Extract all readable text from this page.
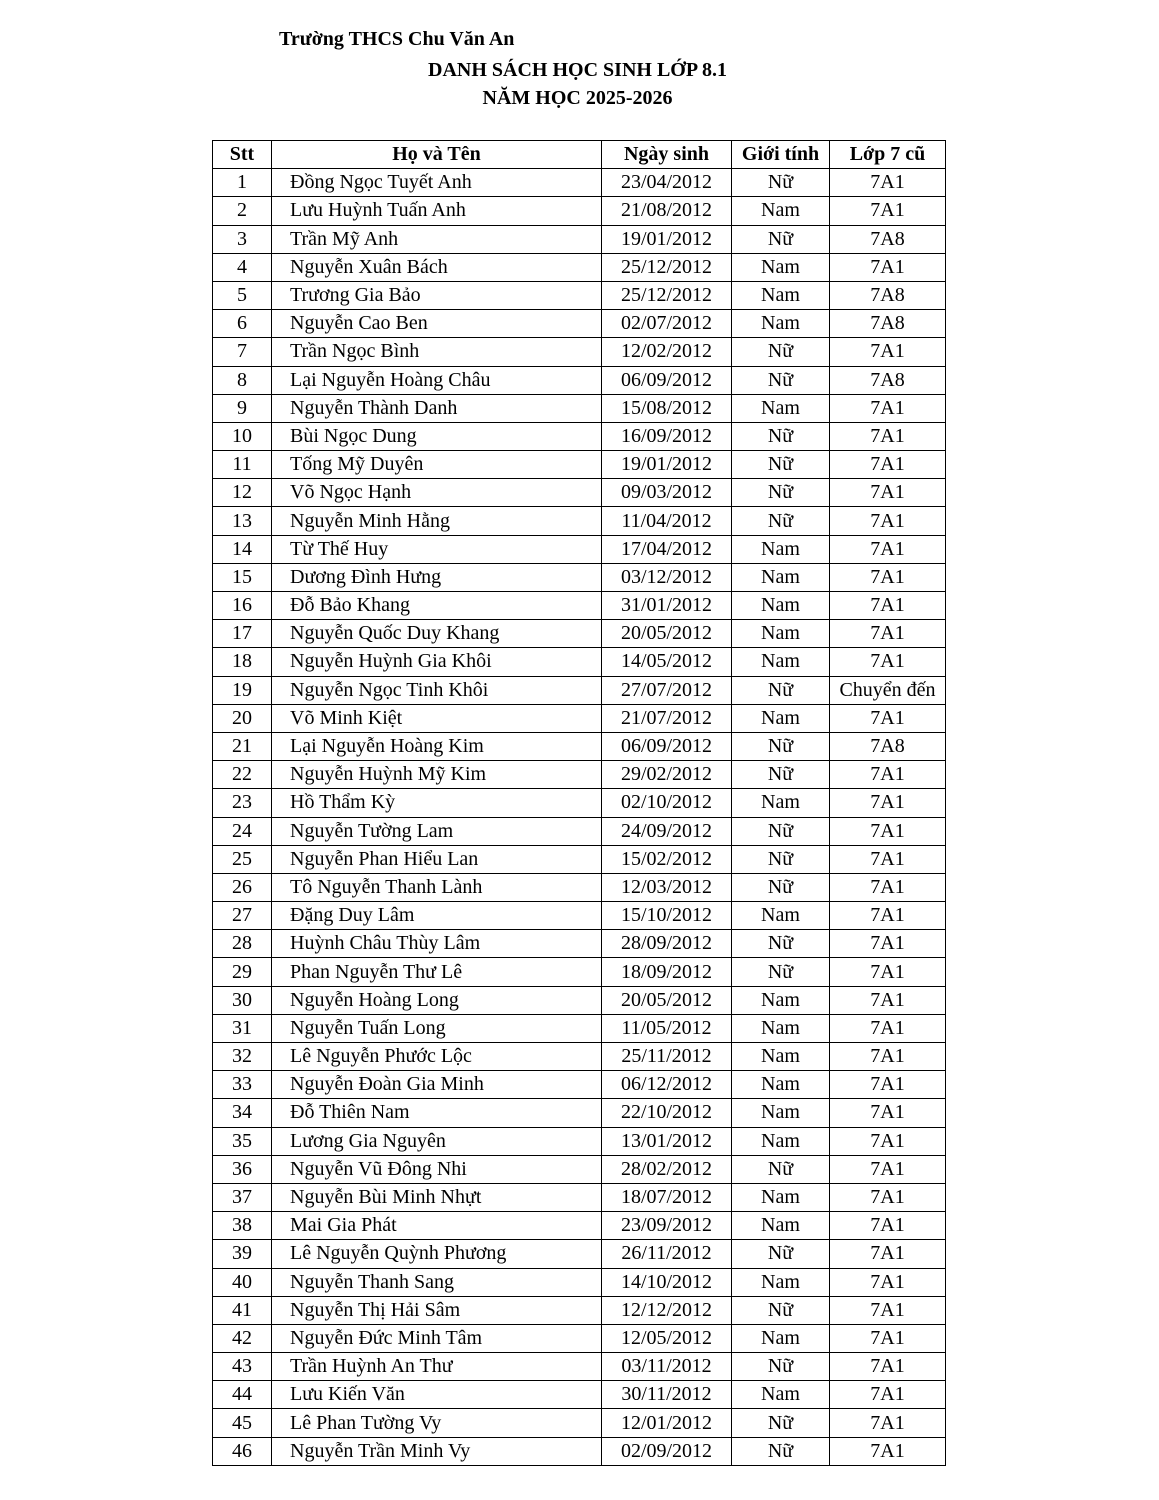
Trường THCS Chu Văn An
DANH SÁCH HỌC SINH LỚP 8.1
NĂM HỌC 2025-2026
Stt	Họ và Tên	Ngày sinh	Giới tính	Lớp 7 cũ
1	Đồng Ngọc Tuyết Anh	23/04/2012	Nữ	7A1
2	Lưu Huỳnh Tuấn Anh	21/08/2012	Nam	7A1
3	Trần Mỹ Anh	19/01/2012	Nữ	7A8
4	Nguyễn Xuân Bách	25/12/2012	Nam	7A1
5	Trương Gia Bảo	25/12/2012	Nam	7A8
6	Nguyễn Cao Ben	02/07/2012	Nam	7A8
7	Trần Ngọc Bình	12/02/2012	Nữ	7A1
8	Lại Nguyễn Hoàng Châu	06/09/2012	Nữ	7A8
9	Nguyễn Thành Danh	15/08/2012	Nam	7A1
10	Bùi Ngọc Dung	16/09/2012	Nữ	7A1
11	Tống Mỹ Duyên	19/01/2012	Nữ	7A1
12	Võ Ngọc Hạnh	09/03/2012	Nữ	7A1
13	Nguyễn Minh Hằng	11/04/2012	Nữ	7A1
14	Từ Thế Huy	17/04/2012	Nam	7A1
15	Dương Đình Hưng	03/12/2012	Nam	7A1
16	Đỗ Bảo Khang	31/01/2012	Nam	7A1
17	Nguyễn Quốc Duy Khang	20/05/2012	Nam	7A1
18	Nguyễn Huỳnh Gia Khôi	14/05/2012	Nam	7A1
19	Nguyễn Ngọc Tinh Khôi	27/07/2012	Nữ	Chuyển đến
20	Võ Minh Kiệt	21/07/2012	Nam	7A1
21	Lại Nguyễn Hoàng Kim	06/09/2012	Nữ	7A8
22	Nguyễn Huỳnh Mỹ Kim	29/02/2012	Nữ	7A1
23	Hồ Thẩm Kỳ	02/10/2012	Nam	7A1
24	Nguyễn Tường Lam	24/09/2012	Nữ	7A1
25	Nguyễn Phan Hiểu Lan	15/02/2012	Nữ	7A1
26	Tô Nguyễn Thanh Lành	12/03/2012	Nữ	7A1
27	Đặng Duy Lâm	15/10/2012	Nam	7A1
28	Huỳnh Châu Thùy Lâm	28/09/2012	Nữ	7A1
29	Phan Nguyễn Thư Lê	18/09/2012	Nữ	7A1
30	Nguyễn Hoàng Long	20/05/2012	Nam	7A1
31	Nguyễn Tuấn Long	11/05/2012	Nam	7A1
32	Lê Nguyễn Phước Lộc	25/11/2012	Nam	7A1
33	Nguyễn Đoàn Gia Minh	06/12/2012	Nam	7A1
34	Đỗ Thiên Nam	22/10/2012	Nam	7A1
35	Lương Gia Nguyên	13/01/2012	Nam	7A1
36	Nguyễn Vũ Đông Nhi	28/02/2012	Nữ	7A1
37	Nguyễn Bùi Minh Nhựt	18/07/2012	Nam	7A1
38	Mai Gia Phát	23/09/2012	Nam	7A1
39	Lê Nguyễn Quỳnh Phương	26/11/2012	Nữ	7A1
40	Nguyễn Thanh Sang	14/10/2012	Nam	7A1
41	Nguyễn Thị Hải Sâm	12/12/2012	Nữ	7A1
42	Nguyễn Đức Minh Tâm	12/05/2012	Nam	7A1
43	Trần Huỳnh An Thư	03/11/2012	Nữ	7A1
44	Lưu Kiến Văn	30/11/2012	Nam	7A1
45	Lê Phan Tường Vy	12/01/2012	Nữ	7A1
46	Nguyễn Trần Minh Vy	02/09/2012	Nữ	7A1
